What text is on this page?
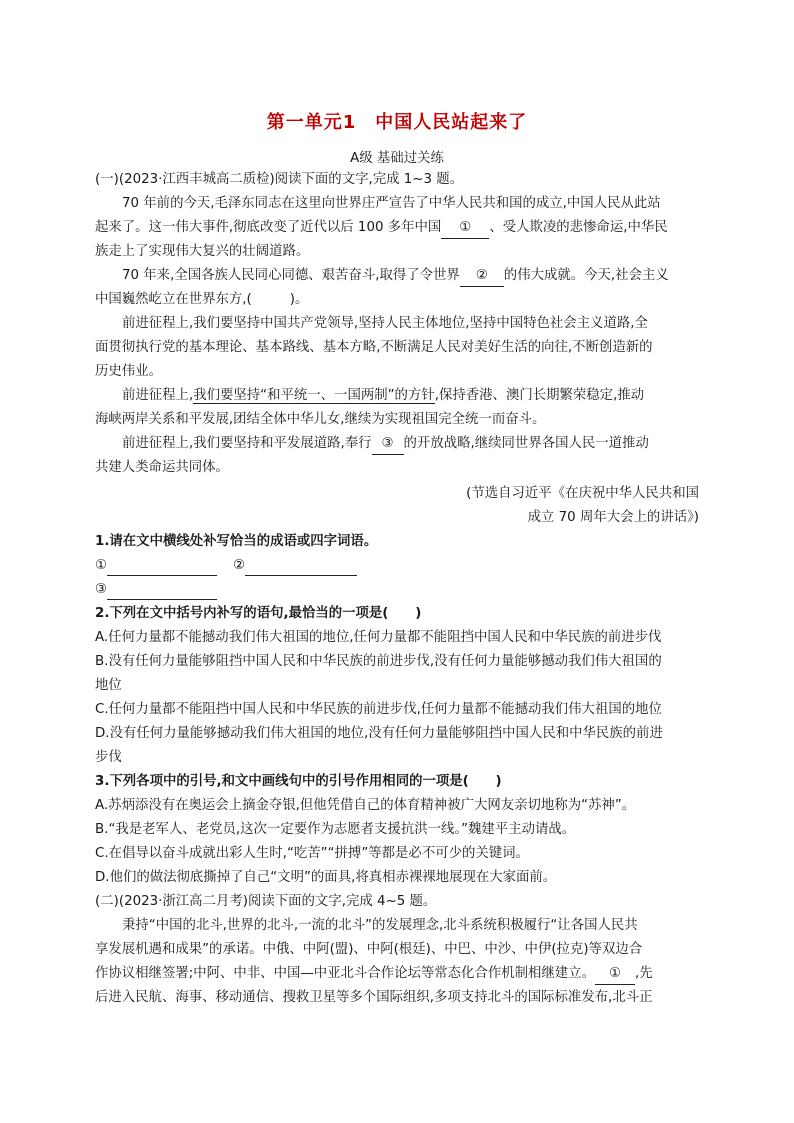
第一单元1　中国人民站起来了
A级 基础过关练
(一)(2023·江西丰城高二质检)阅读下面的文字,完成 1~3 题。
70 年前的今天,毛泽东同志在这里向世界庄严宣告了中华人民共和国的成立,中国人民从此站
起来了。这一伟大事件,彻底改变了近代以后 100 多年中国 ① 、受人欺凌的悲惨命运,中华民
族走上了实现伟大复兴的壮阔道路。
70 年来,全国各族人民同心同德、艰苦奋斗,取得了令世界 ② 的伟大成就。今天,社会主义
中国巍然屹立在世界东方,(	)。
前进征程上,我们要坚持中国共产党领导,坚持人民主体地位,坚持中国特色社会主义道路,全
面贯彻执行党的基本理论、基本路线、基本方略,不断满足人民对美好生活的向往,不断创造新的
历史伟业。
前进征程上,我们要坚持“和平统一、一国两制”的方针,保持香港、澳门长期繁荣稳定,推动
海峡两岸关系和平发展,团结全体中华儿女,继续为实现祖国完全统一而奋斗。
前进征程上,我们要坚持和平发展道路,奉行 ③ 的开放战略,继续同世界各国人民一道推动
共建人类命运共同体。
(节选自习近平《在庆祝中华人民共和国
成立 70 周年大会上的讲话》)
1.请在文中横线处补写恰当的成语或四字词语。
①	②
③
2.下列在文中括号内补写的语句,最恰当的一项是(　　)
A.任何力量都不能撼动我们伟大祖国的地位,任何力量都不能阻挡中国人民和中华民族的前进步伐
B.没有任何力量能够阻挡中国人民和中华民族的前进步伐,没有任何力量能够撼动我们伟大祖国的
地位
C.任何力量都不能阻挡中国人民和中华民族的前进步伐,任何力量都不能撼动我们伟大祖国的地位
D.没有任何力量能够撼动我们伟大祖国的地位,没有任何力量能够阻挡中国人民和中华民族的前进
步伐
3.下列各项中的引号,和文中画线句中的引号作用相同的一项是(　　)
A.苏炳添没有在奥运会上摘金夺银,但他凭借自己的体育精神被广大网友亲切地称为“苏神”。
B.“我是老军人、老党员,这次一定要作为志愿者支援抗洪一线。”魏建平主动请战。
C.在倡导以奋斗成就出彩人生时,“吃苦”“拼搏”等都是必不可少的关键词。
D.他们的做法彻底撕掉了自己“文明”的面具,将真相赤裸裸地展现在大家面前。
(二)(2023·浙江高二月考)阅读下面的文字,完成 4~5 题。
秉持“中国的北斗,世界的北斗,一流的北斗”的发展理念,北斗系统积极履行“让各国人民共
享发展机遇和成果”的承诺。中俄、中阿(盟)、中阿(根廷)、中巴、中沙、中伊(拉克)等双边合
作协议相继签署;中阿、中非、中国—中亚北斗合作论坛等常态化合作机制相继建立。 ① ,先
后进入民航、海事、移动通信、搜救卫星等多个国际组织,多项支持北斗的国际标准发布,北斗正
